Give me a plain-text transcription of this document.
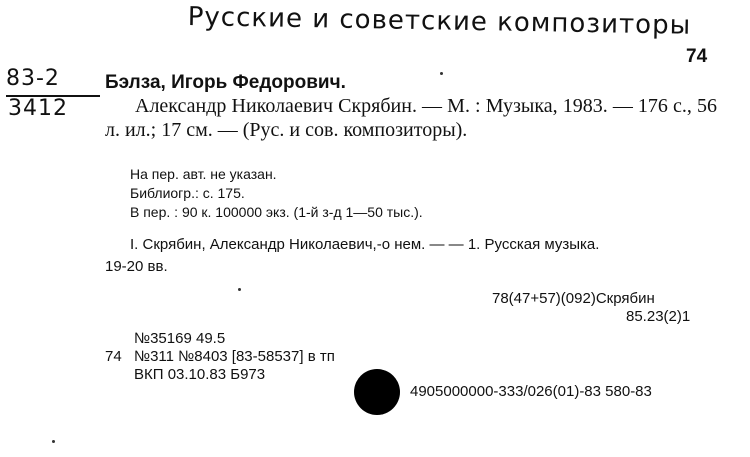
Русские и советские композиторы
83-2
3412
74
Бэлза, Игорь Федорович.
Александр Николаевич Скрябин. — М. : Музыка, 1983. — 176 с., 56 л. ил.; 17 см. — (Рус. и сов. композиторы).
На пер. авт. не указан.
Библиогр.: с. 175.
В пер. : 90 к. 100000 экз. (1-й з-д 1—50 тыс.).
I. Скрябин, Александр Николаевич,-о нем. — — 1. Русская музыка.
19-20 вв.
78(47+57)(092)Скрябин
85.23(2)1
№35169 49.5
74 №311 №8403 [83-58537] в тп
ВКП 03.10.83 Б973
4905000000-333/026(01)-83 580-83
